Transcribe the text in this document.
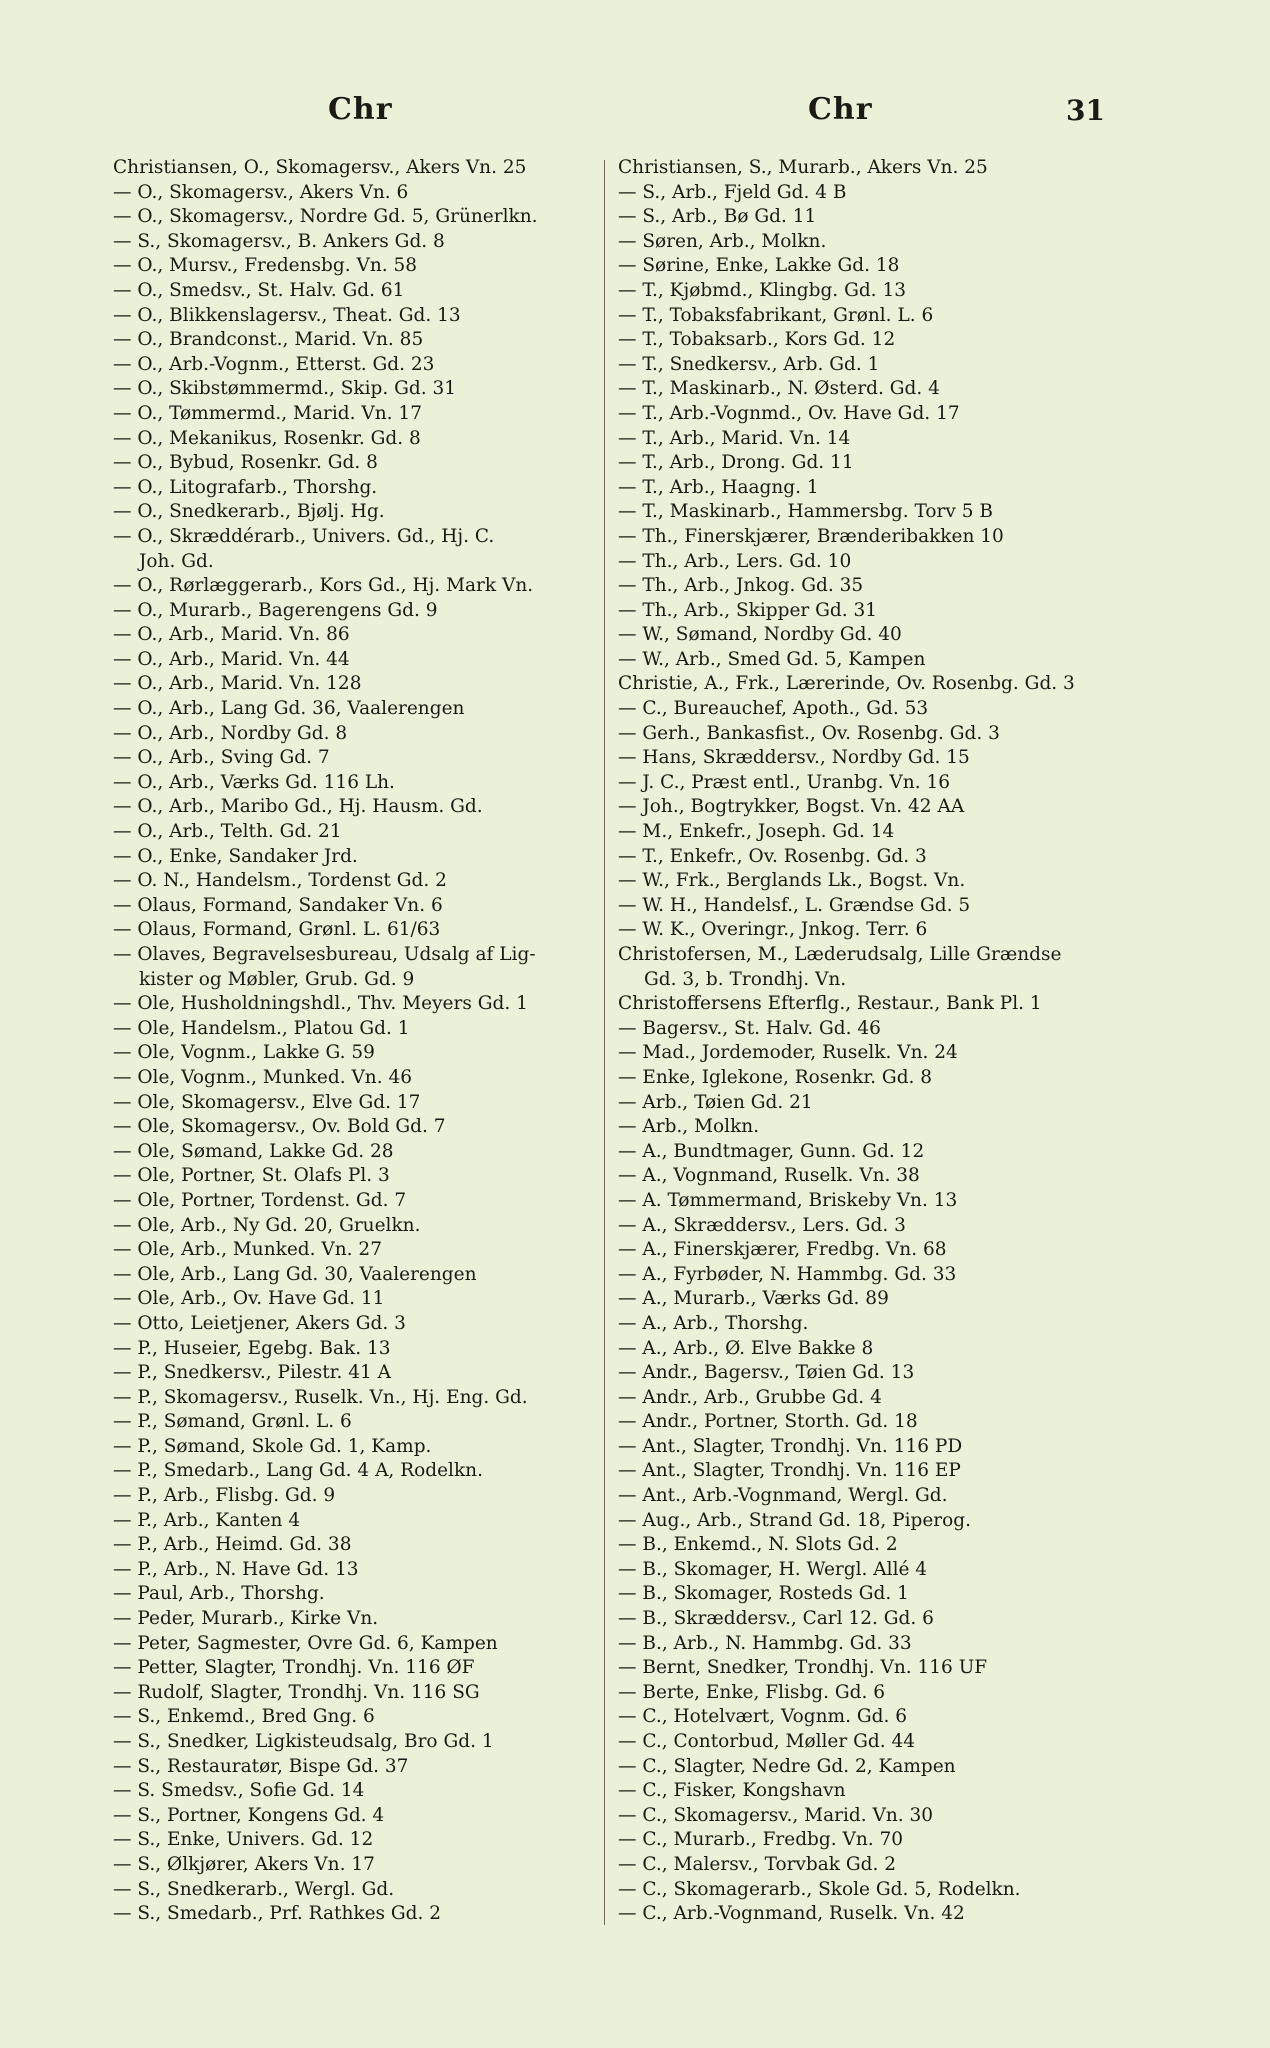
Chr	Chr	31
Christiansen, O., Skomagersv., Akers Vn. 25
— O., Skomagersv., Akers Vn. 6
— O., Skomagersv., Nordre Gd. 5, Grünerlkn.
— S., Skomagersv., B. Ankers Gd. 8
— O., Mursv., Fredensbg. Vn. 58
— O., Smedsv., St. Halv. Gd. 61
— O., Blikkenslagersv., Theat. Gd. 13
— O., Brandconst., Marid. Vn. 85
— O., Arb.-Vognm., Etterst. Gd. 23
— O., Skibstømmermd., Skip. Gd. 31
— O., Tømmermd., Marid. Vn. 17
— O., Mekanikus, Rosenkr. Gd. 8
— O., Bybud, Rosenkr. Gd. 8
— O., Litografarb., Thorshg.
— O., Snedkerarb., Bjølj. Hg.
— O., Skræddérarb., Univers. Gd., Hj. C.
Joh. Gd.
— O., Rørlæggerarb., Kors Gd., Hj. Mark Vn.
— O., Murarb., Bagerengens Gd. 9
— O., Arb., Marid. Vn. 86
— O., Arb., Marid. Vn. 44
— O., Arb., Marid. Vn. 128
— O., Arb., Lang Gd. 36, Vaalerengen
— O., Arb., Nordby Gd. 8
— O., Arb., Sving Gd. 7
— O., Arb., Værks Gd. 116 Lh.
— O., Arb., Maribo Gd., Hj. Hausm. Gd.
— O., Arb., Telth. Gd. 21
— O., Enke, Sandaker Jrd.
— O. N., Handelsm., Tordenst Gd. 2
— Olaus, Formand, Sandaker Vn. 6
— Olaus, Formand, Grønl. L. 61/63
— Olaves, Begravelsesbureau, Udsalg af Lig-
kister og Møbler, Grub. Gd. 9
— Ole, Husholdningshdl., Thv. Meyers Gd. 1
— Ole, Handelsm., Platou Gd. 1
— Ole, Vognm., Lakke G. 59
— Ole, Vognm., Munked. Vn. 46
— Ole, Skomagersv., Elve Gd. 17
— Ole, Skomagersv., Ov. Bold Gd. 7
— Ole, Sømand, Lakke Gd. 28
— Ole, Portner, St. Olafs Pl. 3
— Ole, Portner, Tordenst. Gd. 7
— Ole, Arb., Ny Gd. 20, Gruelkn.
— Ole, Arb., Munked. Vn. 27
— Ole, Arb., Lang Gd. 30, Vaalerengen
— Ole, Arb., Ov. Have Gd. 11
— Otto, Leietjener, Akers Gd. 3
— P., Huseier, Egebg. Bak. 13
— P., Snedkersv., Pilestr. 41 A
— P., Skomagersv., Ruselk. Vn., Hj. Eng. Gd.
— P., Sømand, Grønl. L. 6
— P., Sømand, Skole Gd. 1, Kamp.
— P., Smedarb., Lang Gd. 4 A, Rodelkn.
— P., Arb., Flisbg. Gd. 9
— P., Arb., Kanten 4
— P., Arb., Heimd. Gd. 38
— P., Arb., N. Have Gd. 13
— Paul, Arb., Thorshg.
— Peder, Murarb., Kirke Vn.
— Peter, Sagmester, Ovre Gd. 6, Kampen
— Petter, Slagter, Trondhj. Vn. 116 ØF
— Rudolf, Slagter, Trondhj. Vn. 116 SG
— S., Enkemd., Bred Gng. 6
— S., Snedker, Ligkisteudsalg, Bro Gd. 1
— S., Restauratør, Bispe Gd. 37
— S. Smedsv., Sofie Gd. 14
— S., Portner, Kongens Gd. 4
— S., Enke, Univers. Gd. 12
— S., Ølkjører, Akers Vn. 17
— S., Snedkerarb., Wergl. Gd.
— S., Smedarb., Prf. Rathkes Gd. 2
Christiansen, S., Murarb., Akers Vn. 25
— S., Arb., Fjeld Gd. 4 B
— S., Arb., Bø Gd. 11
— Søren, Arb., Molkn.
— Sørine, Enke, Lakke Gd. 18
— T., Kjøbmd., Klingbg. Gd. 13
— T., Tobaksfabrikant, Grønl. L. 6
— T., Tobaksarb., Kors Gd. 12
— T., Snedkersv., Arb. Gd. 1
— T., Maskinarb., N. Østerd. Gd. 4
— T., Arb.-Vognmd., Ov. Have Gd. 17
— T., Arb., Marid. Vn. 14
— T., Arb., Drong. Gd. 11
— T., Arb., Haagng. 1
— T., Maskinarb., Hammersbg. Torv 5 B
— Th., Finerskjærer, Brænderibakken 10
— Th., Arb., Lers. Gd. 10
— Th., Arb., Jnkog. Gd. 35
— Th., Arb., Skipper Gd. 31
— W., Sømand, Nordby Gd. 40
— W., Arb., Smed Gd. 5, Kampen
Christie, A., Frk., Lærerinde, Ov. Rosenbg. Gd. 3
— C., Bureauchef, Apoth., Gd. 53
— Gerh., Bankasfist., Ov. Rosenbg. Gd. 3
— Hans, Skræddersv., Nordby Gd. 15
— J. C., Præst entl., Uranbg. Vn. 16
— Joh., Bogtrykker, Bogst. Vn. 42 AA
— M., Enkefr., Joseph. Gd. 14
— T., Enkefr., Ov. Rosenbg. Gd. 3
— W., Frk., Berglands Lk., Bogst. Vn.
— W. H., Handelsf., L. Grændse Gd. 5
— W. K., Overingr., Jnkog. Terr. 6
Christofersen, M., Læderudsalg, Lille Grændse
Gd. 3, b. Trondhj. Vn.
Christoffersens Efterflg., Restaur., Bank Pl. 1
— Bagersv., St. Halv. Gd. 46
— Mad., Jordemoder, Ruselk. Vn. 24
— Enke, Iglekone, Rosenkr. Gd. 8
— Arb., Tøien Gd. 21
— Arb., Molkn.
— A., Bundtmager, Gunn. Gd. 12
— A., Vognmand, Ruselk. Vn. 38
— A. Tømmermand, Briskeby Vn. 13
— A., Skræddersv., Lers. Gd. 3
— A., Finerskjærer, Fredbg. Vn. 68
— A., Fyrbøder, N. Hammbg. Gd. 33
— A., Murarb., Værks Gd. 89
— A., Arb., Thorshg.
— A., Arb., Ø. Elve Bakke 8
— Andr., Bagersv., Tøien Gd. 13
— Andr., Arb., Grubbe Gd. 4
— Andr., Portner, Storth. Gd. 18
— Ant., Slagter, Trondhj. Vn. 116 PD
— Ant., Slagter, Trondhj. Vn. 116 EP
— Ant., Arb.-Vognmand, Wergl. Gd.
— Aug., Arb., Strand Gd. 18, Piperog.
— B., Enkemd., N. Slots Gd. 2
— B., Skomager, H. Wergl. Allé 4
— B., Skomager, Rosteds Gd. 1
— B., Skræddersv., Carl 12. Gd. 6
— B., Arb., N. Hammbg. Gd. 33
— Bernt, Snedker, Trondhj. Vn. 116 UF
— Berte, Enke, Flisbg. Gd. 6
— C., Hotelvært, Vognm. Gd. 6
— C., Contorbud, Møller Gd. 44
— C., Slagter, Nedre Gd. 2, Kampen
— C., Fisker, Kongshavn
— C., Skomagersv., Marid. Vn. 30
— C., Murarb., Fredbg. Vn. 70
— C., Malersv., Torvbak Gd. 2
— C., Skomagerarb., Skole Gd. 5, Rodelkn.
— C., Arb.-Vognmand, Ruselk. Vn. 42
